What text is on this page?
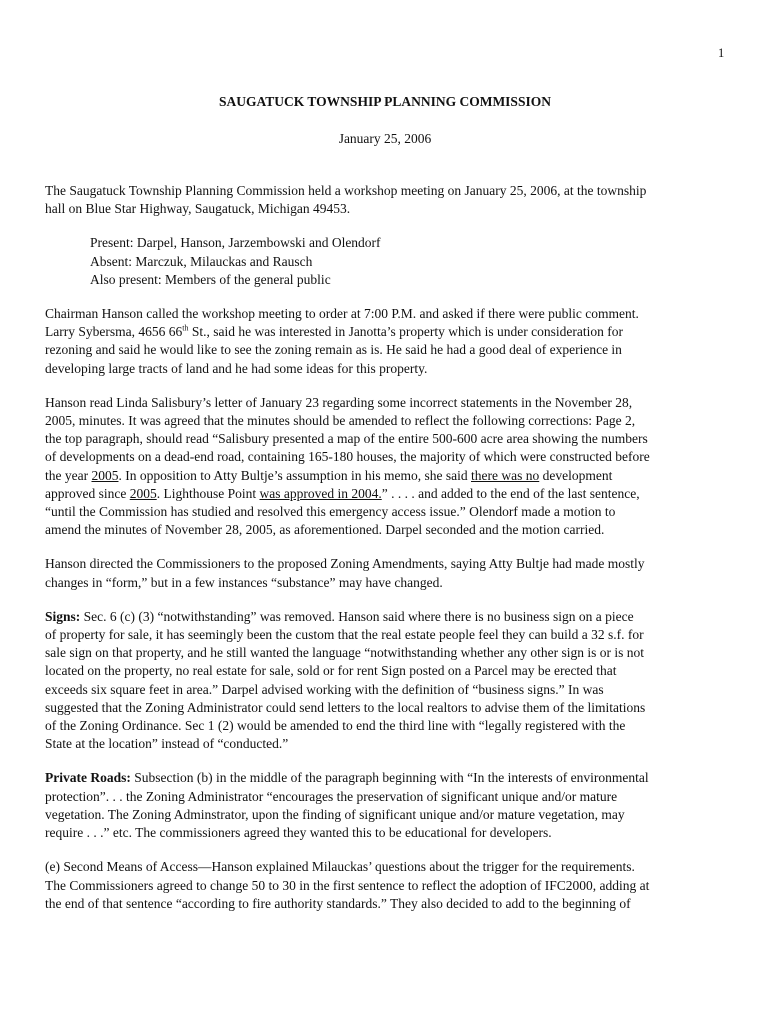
1
SAUGATUCK TOWNSHIP PLANNING COMMISSION
January 25, 2006

The Saugatuck Township Planning Commission held a workshop meeting on January 25, 2006, at the township
hall on Blue Star Highway, Saugatuck, Michigan 49453.

Present: Darpel, Hanson, Jarzembowski and Olendorf
Absent: Marczuk, Milauckas and Rausch
Also present: Members of the general public

Chairman Hanson called the workshop meeting to order at 7:00 P.M. and asked if there were public comment.
Larry Sybersma, 4656 66th St., said he was interested in Janotta’s property which is under consideration for
rezoning and said he would like to see the zoning remain as is. He said he had a good deal of experience in
developing large tracts of land and he had some ideas for this property.

Hanson read Linda Salisbury’s letter of January 23 regarding some incorrect statements in the November 28,
2005, minutes. It was agreed that the minutes should be amended to reflect the following corrections: Page 2,
the top paragraph, should read “Salisbury presented a map of the entire 500-600 acre area showing the numbers
of developments on a dead-end road, containing 165-180 houses, the majority of which were constructed before
the year 2005. In opposition to Atty Bultje’s assumption in his memo, she said there was no development
approved since 2005. Lighthouse Point was approved in 2004.” . . . . and added to the end of the last sentence,
“until the Commission has studied and resolved this emergency access issue.” Olendorf made a motion to
amend the minutes of November 28, 2005, as aforementioned. Darpel seconded and the motion carried.

Hanson directed the Commissioners to the proposed Zoning Amendments, saying Atty Bultje had made mostly
changes in “form,” but in a few instances “substance” may have changed.

Signs: Sec. 6 (c) (3) “notwithstanding” was removed. Hanson said where there is no business sign on a piece
of property for sale, it has seemingly been the custom that the real estate people feel they can build a 32 s.f. for
sale sign on that property, and he still wanted the language “notwithstanding whether any other sign is or is not
located on the property, no real estate for sale, sold or for rent Sign posted on a Parcel may be erected that
exceeds six square feet in area.” Darpel advised working with the definition of “business signs.” In was
suggested that the Zoning Administrator could send letters to the local realtors to advise them of the limitations
of the Zoning Ordinance. Sec 1 (2) would be amended to end the third line with “legally registered with the
State at the location” instead of “conducted.”

Private Roads: Subsection (b) in the middle of the paragraph beginning with “In the interests of environmental
protection”. . . the Zoning Administrator “encourages the preservation of significant unique and/or mature
vegetation. The Zoning Adminstrator, upon the finding of significant unique and/or mature vegetation, may
require . . .” etc. The commissioners agreed they wanted this to be educational for developers.

(e) Second Means of Access—Hanson explained Milauckas’ questions about the trigger for the requirements.
The Commissioners agreed to change 50 to 30 in the first sentence to reflect the adoption of IFC2000, adding at
the end of that sentence “according to fire authority standards.” They also decided to add to the beginning of
